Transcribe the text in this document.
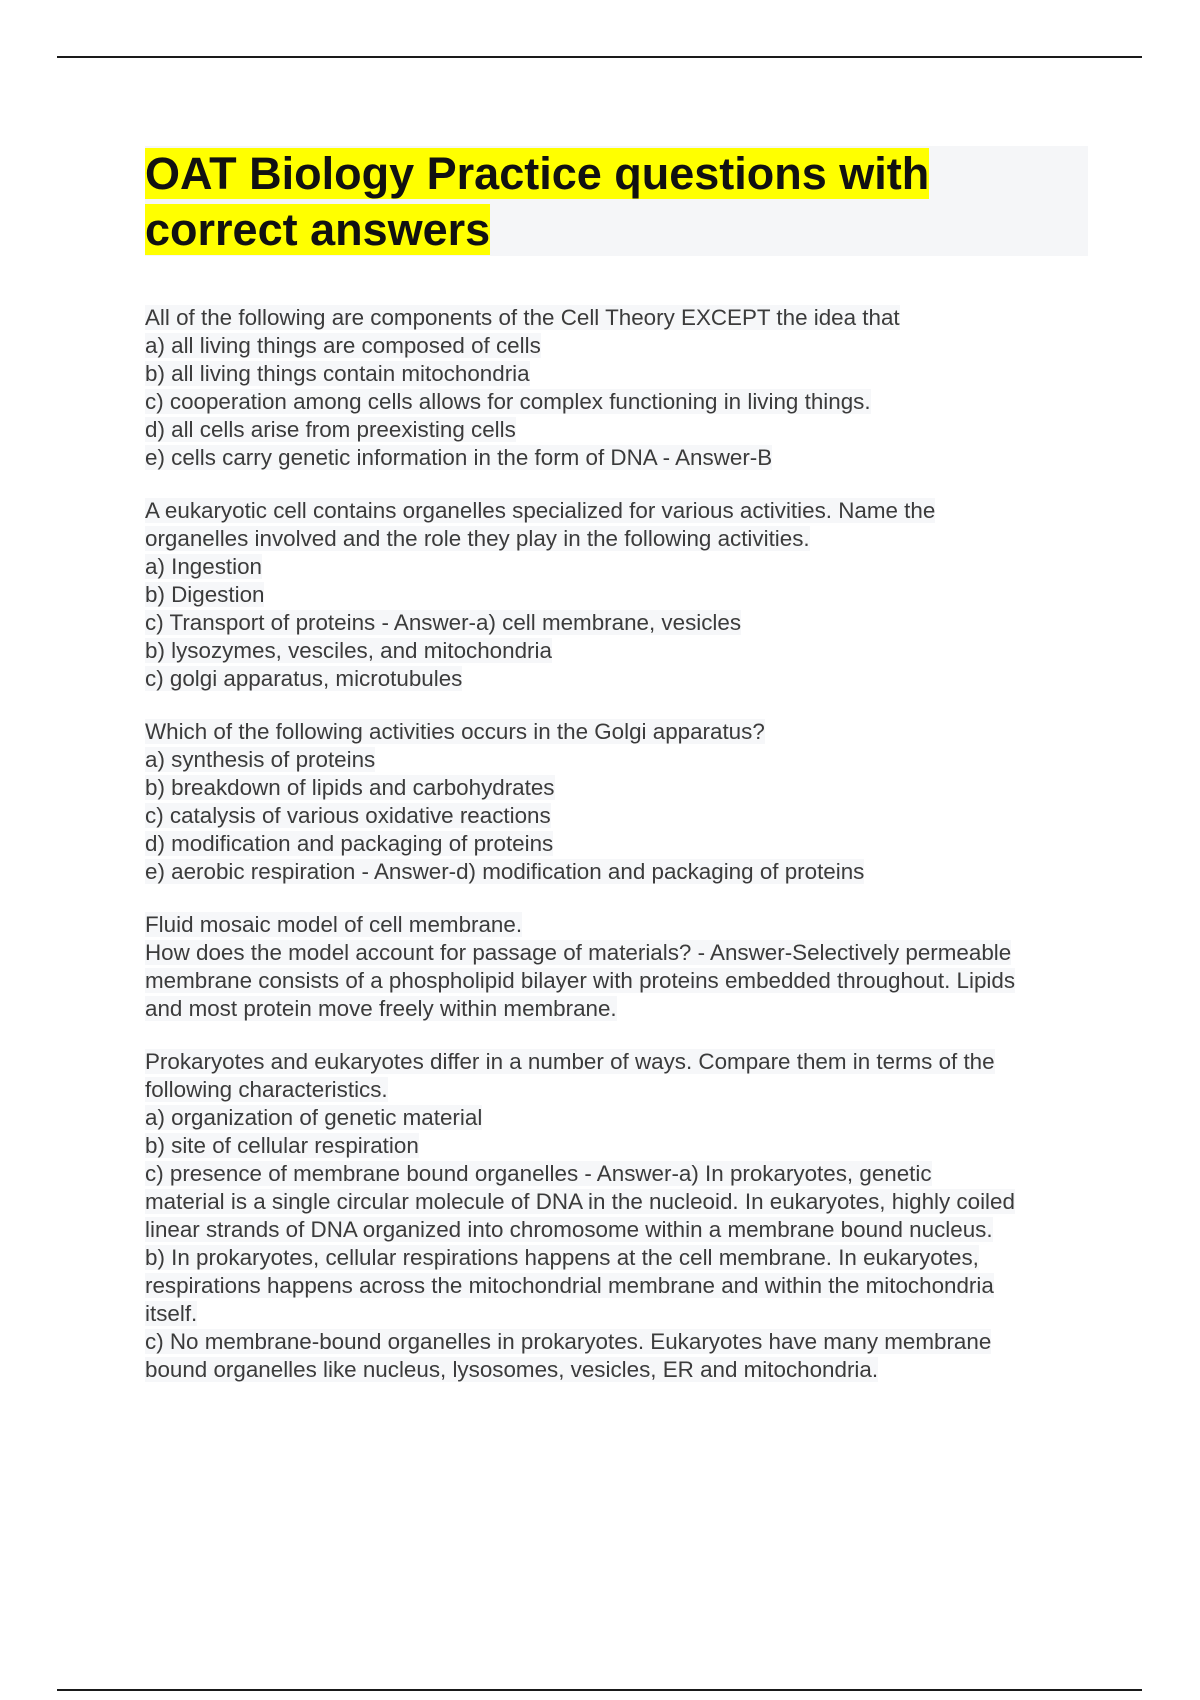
OAT Biology Practice questions with correct answers
All of the following are components of the Cell Theory EXCEPT the idea that
a) all living things are composed of cells
b) all living things contain mitochondria
c) cooperation among cells allows for complex functioning in living things.
d) all cells arise from preexisting cells
e) cells carry genetic information in the form of DNA - Answer-B
A eukaryotic cell contains organelles specialized for various activities. Name the
organelles involved and the role they play in the following activities.
a) Ingestion
b) Digestion
c) Transport of proteins - Answer-a) cell membrane, vesicles
b) lysozymes, vesciles, and mitochondria
c) golgi apparatus, microtubules
Which of the following activities occurs in the Golgi apparatus?
a) synthesis of proteins
b) breakdown of lipids and carbohydrates
c) catalysis of various oxidative reactions
d) modification and packaging of proteins
e) aerobic respiration - Answer-d) modification and packaging of proteins
Fluid mosaic model of cell membrane.
How does the model account for passage of materials? - Answer-Selectively permeable
membrane consists of a phospholipid bilayer with proteins embedded throughout. Lipids
and most protein move freely within membrane.
Prokaryotes and eukaryotes differ in a number of ways. Compare them in terms of the
following characteristics.
a) organization of genetic material
b) site of cellular respiration
c) presence of membrane bound organelles - Answer-a) In prokaryotes, genetic
material is a single circular molecule of DNA in the nucleoid. In eukaryotes, highly coiled
linear strands of DNA organized into chromosome within a membrane bound nucleus.
b) In prokaryotes, cellular respirations happens at the cell membrane. In eukaryotes,
respirations happens across the mitochondrial membrane and within the mitochondria
itself.
c) No membrane-bound organelles in prokaryotes. Eukaryotes have many membrane
bound organelles like nucleus, lysosomes, vesicles, ER and mitochondria.
